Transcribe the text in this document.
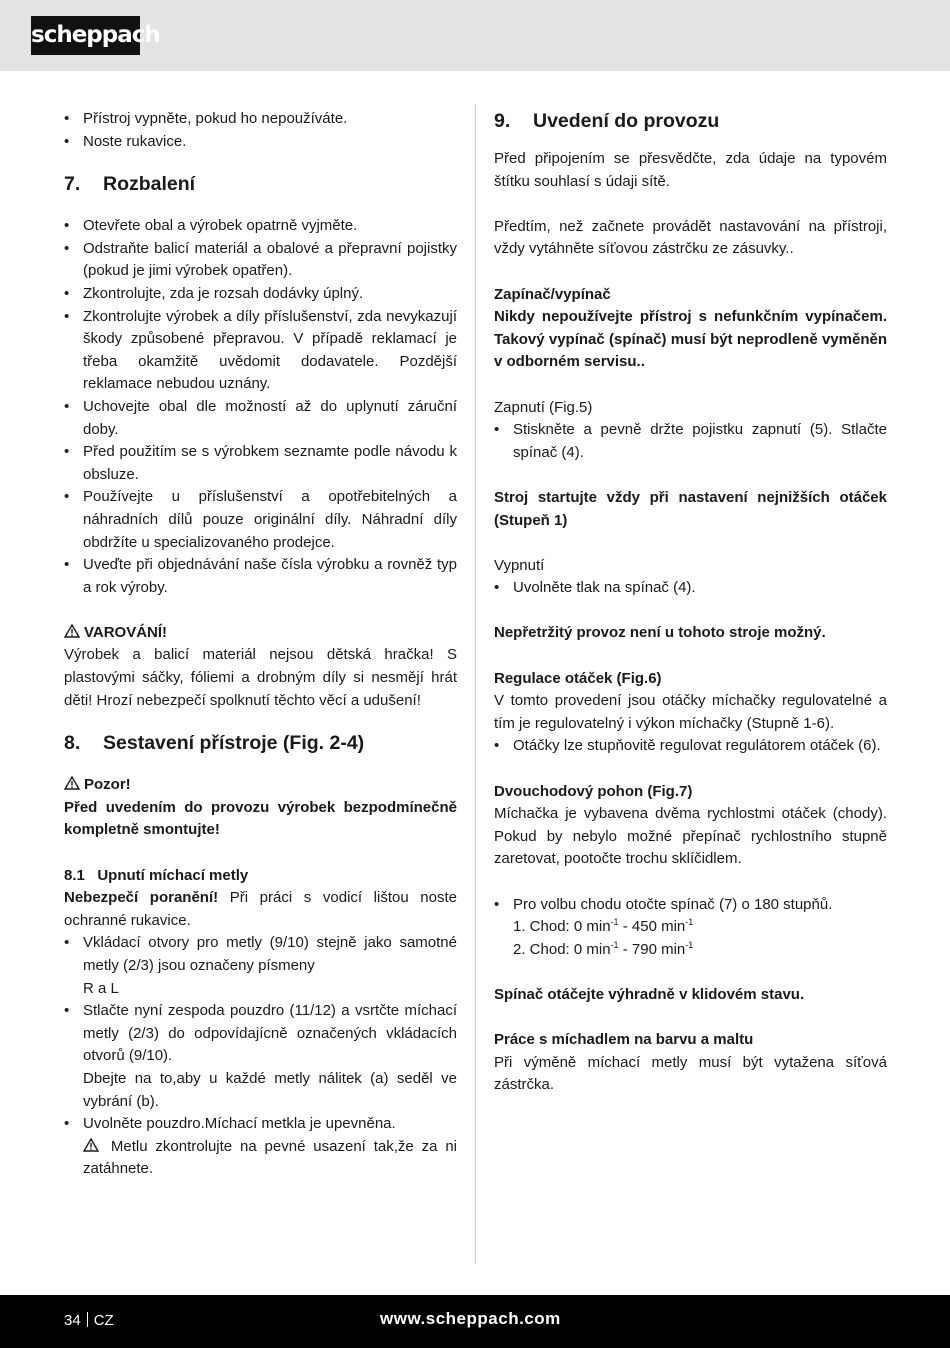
scheppach
• Přístroj vypněte, pokud ho nepoužíváte.
• Noste rukavice.
7. Rozbalení
• Otevřete obal a výrobek opatrně vyjměte.
• Odstraňte balicí materiál a obalové a přepravní pojistky (pokud je jimi výrobek opatřen).
• Zkontrolujte, zda je rozsah dodávky úplný.
• Zkontrolujte výrobek a díly příslušenství, zda nevykazují škody způsobené přepravou. V případě reklamací je třeba okamžitě uvědomit dodavatele. Pozdější reklamace nebudou uznány.
• Uchovejte obal dle možností až do uplynutí záruční doby.
• Před použitím se s výrobkem seznamte podle návodu k obsluze.
• Používejte u příslušenství a opotřebitelných a náhradních dílů pouze originální díly. Náhradní díly obdržíte u specializovaného prodejce.
• Uveďte při objednávání naše čísla výrobku a rovněž typ a rok výroby.

VAROVÁNÍ!

Výrobek a balicí materiál nejsou dětská hračka! S plastovými sáčky, fóliemi a drobným díly si nesmějí hrát děti! Hrozí nebezpečí spolknutí těchto věcí a udušení!

8. Sestavení přístroje (Fig. 2-4)

Pozor!

Před uvedením do provozu výrobek bezpodmínečně kompletně smontujte!

8.1   Upnutí míchací metly

Nebezpečí poranění! Při práci s vodicí lištou noste ochranné rukavice.

• Vkládací otvory pro metly (9/10) stejně jako samotné metly (2/3) jsou označeny písmeny
R a L
• Stlačte nyní zespoda pouzdro (11/12) a vsrtčte míchací metly (2/3) do odpovídajícně označených vkládacích otvorů (9/10).
Dbejte na to,aby u každé metly nálitek (a) seděl ve vybrání (b).
• Uvolněte pouzdro.Míchací metkla je upevněna.
Metlu zkontrolujte na pevné usazení tak,že za ni zatáhnete.
9. Uvedení do provozu

Před připojením se přesvědčte, zda údaje na typovém štítku souhlasí s údaji sítě.

Předtím, než začnete provádět nastavování na přístroji, vždy vytáhněte síťovou zástrčku ze zásuvky..

Zapínač/vypínač

Nikdy nepoužívejte přístroj s nefunkčním vypínačem. Takový vypínač (spínač) musí být neprodleně vyměněn v odborném servisu..

Zapnutí (Fig.5)

• Stiskněte a pevně držte pojistku zapnutí (5). Stlačte spínač (4).

Stroj startujte vždy při nastavení nejnižších otáček (Stupeň 1)

Vypnutí

• Uvolněte tlak na spínač (4).

Nepřetržitý provoz není u tohoto stroje možný.

Regulace otáček (Fig.6)

V tomto provedení jsou otáčky míchačky regulovatelné a tím je regulovatelný i výkon míchačky (Stupně 1-6).

• Otáčky lze stupňovitě regulovat regulátorem otáček (6).

Dvouchodový pohon (Fig.7)

Míchačka je vybavena dvěma rychlostmi otáček (chody). Pokud by nebylo možné přepínač rychlostního stupně zaretovat, pootočte trochu sklíčidlem.

• Pro volbu chodu otočte spínač (7) o 180 stupňů.
1. Chod: 0 $\min^{-1} - 450$ $\min^{-1}$
2. Chod: 0 $\min^{-1} - 790$ $\min^{-1}$

Spínač otáčejte výhradně v klidovém stavu.

Práce s míchadlem na barvu a maltu

Při výměně míchací metly musí být vytažena síťová zástrčka.

34 CZ	www.scheppach.com
